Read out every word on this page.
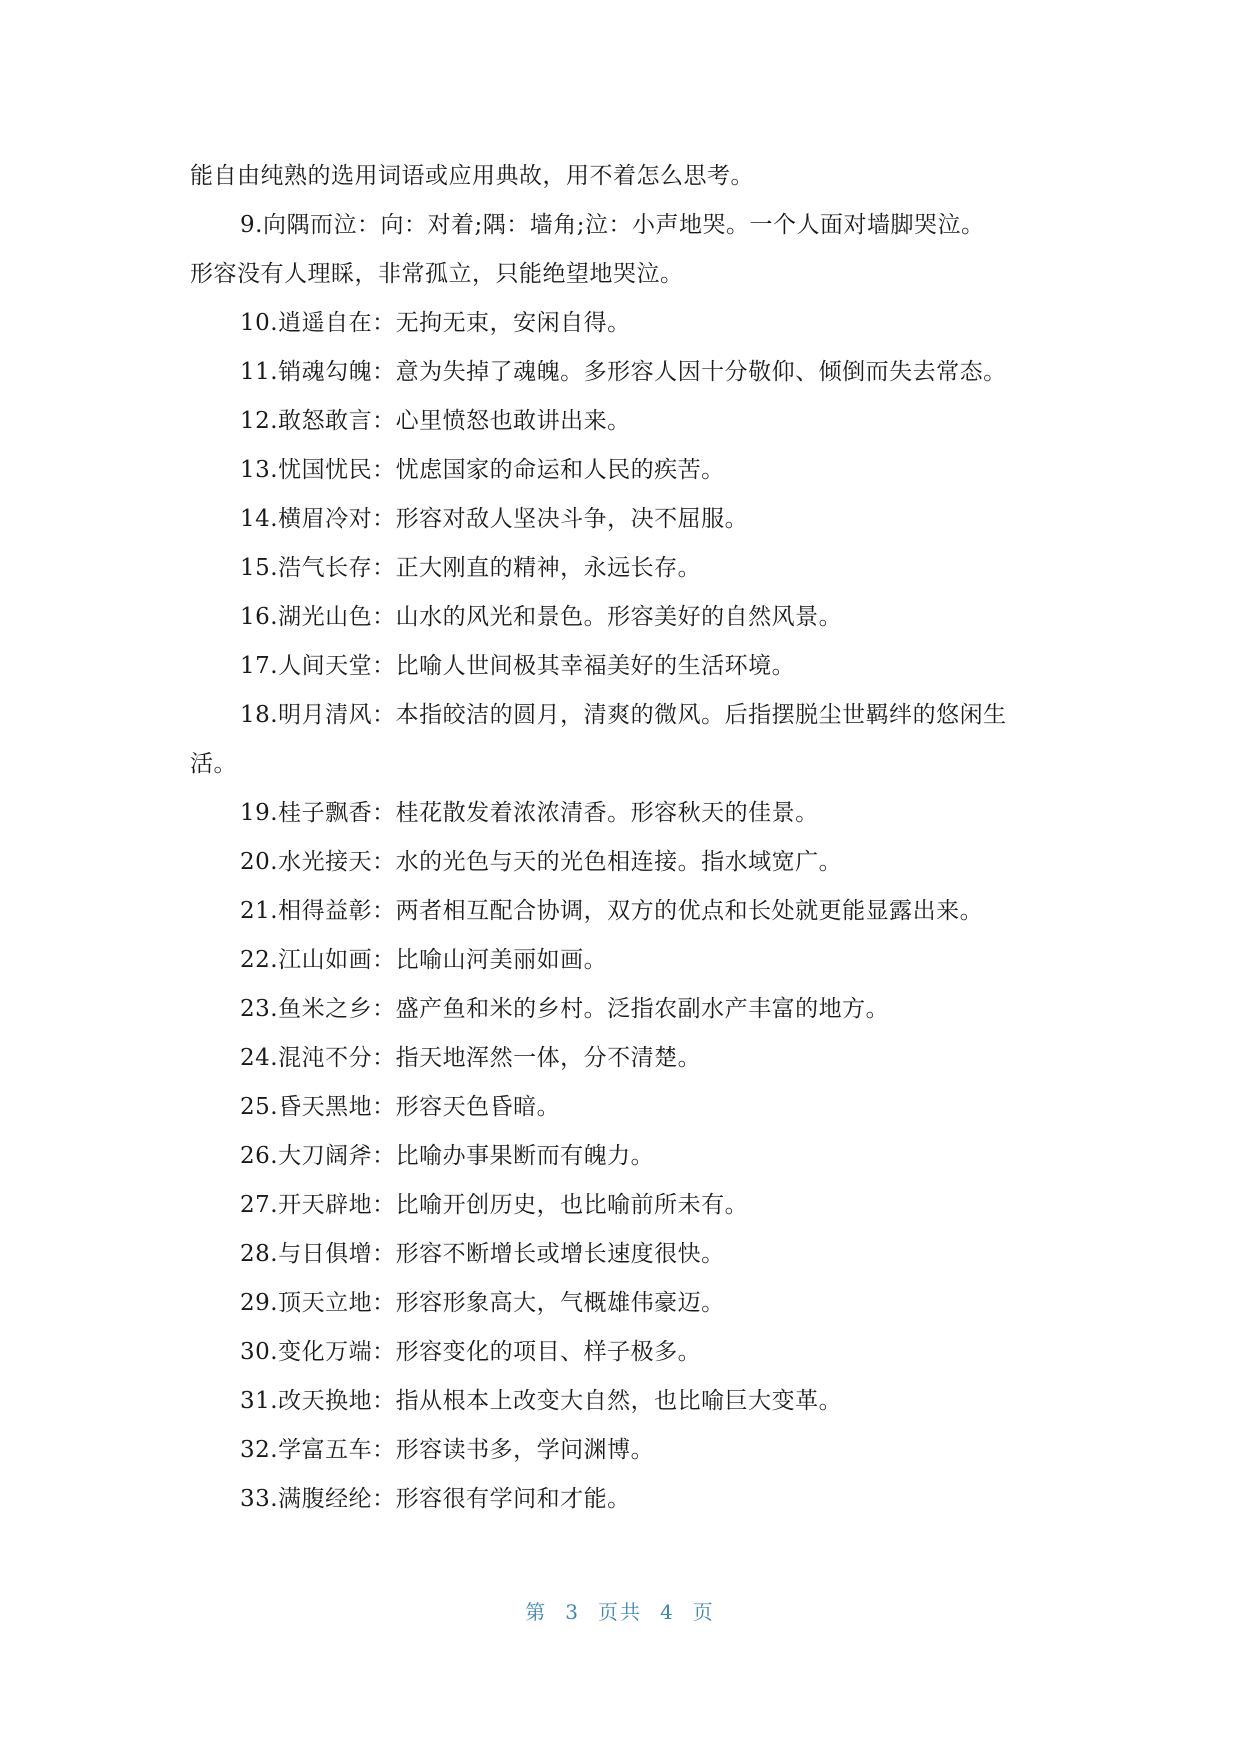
能自由纯熟的选用词语或应用典故，用不着怎么思考。
9.向隅而泣：向：对着;隅：墙角;泣：小声地哭。一个人面对墙脚哭泣。
形容没有人理睬，非常孤立，只能绝望地哭泣。
10.逍遥自在：无拘无束，安闲自得。
11.销魂勾魄：意为失掉了魂魄。多形容人因十分敬仰、倾倒而失去常态。
12.敢怒敢言：心里愤怒也敢讲出来。
13.忧国忧民：忧虑国家的命运和人民的疾苦。
14.横眉冷对：形容对敌人坚决斗争，决不屈服。
15.浩气长存：正大刚直的精神，永远长存。
16.湖光山色：山水的风光和景色。形容美好的自然风景。
17.人间天堂：比喻人世间极其幸福美好的生活环境。
18.明月清风：本指皎洁的圆月，清爽的微风。后指摆脱尘世羁绊的悠闲生
活。
19.桂子飘香：桂花散发着浓浓清香。形容秋天的佳景。
20.水光接天：水的光色与天的光色相连接。指水域宽广。
21.相得益彰：两者相互配合协调，双方的优点和长处就更能显露出来。
22.江山如画：比喻山河美丽如画。
23.鱼米之乡：盛产鱼和米的乡村。泛指农副水产丰富的地方。
24.混沌不分：指天地浑然一体，分不清楚。
25.昏天黑地：形容天色昏暗。
26.大刀阔斧：比喻办事果断而有魄力。
27.开天辟地：比喻开创历史，也比喻前所未有。
28.与日俱增：形容不断增长或增长速度很快。
29.顶天立地：形容形象高大，气概雄伟豪迈。
30.变化万端：形容变化的项目、样子极多。
31.改天换地：指从根本上改变大自然，也比喻巨大变革。
32.学富五车：形容读书多，学问渊博。
33.满腹经纶：形容很有学问和才能。
第 3 页共 4 页
